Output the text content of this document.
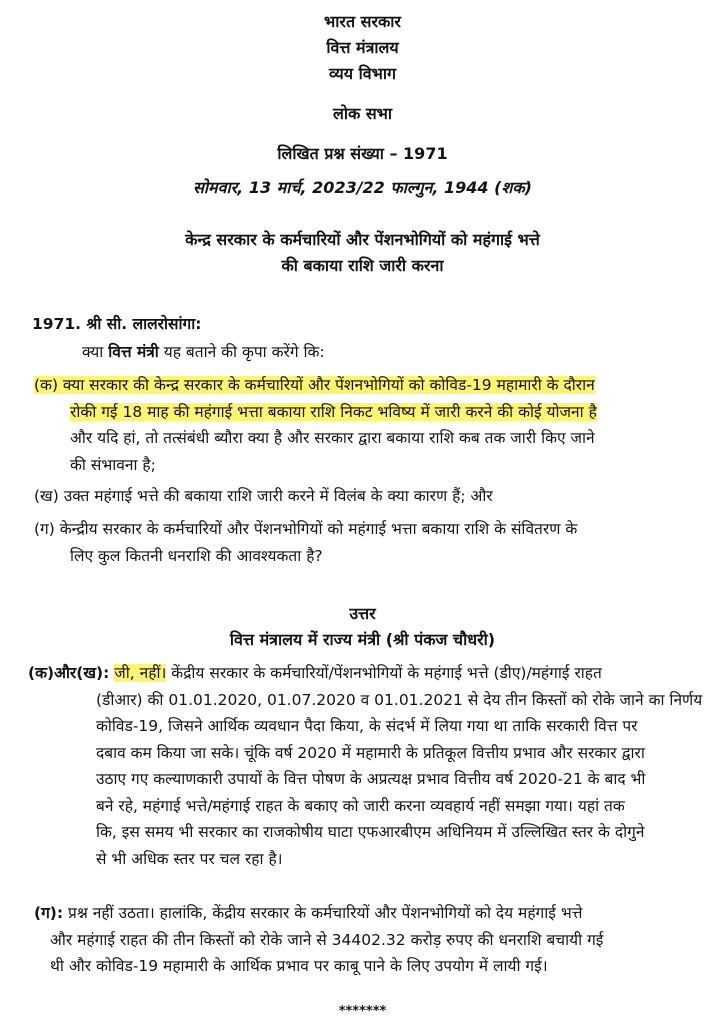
भारत सरकार
वित्त मंत्रालय
व्यय विभाग
लोक सभा
लिखित प्रश्न संख्या – 1971
सोमवार, 13 मार्च, 2023/22 फाल्गुन, 1944 (शक)
केन्द्र सरकार के कर्मचारियों और पेंशनभोगियों को महंगाई भत्ते
की बकाया राशि जारी करना
1971. श्री सी. लालरोसांगा:
क्या वित्त मंत्री यह बताने की कृपा करेंगे कि:
(क) क्या सरकार की केन्द्र सरकार के कर्मचारियों और पेंशनभोगियों को कोविड-19 महामारी के दौरान
रोकी गई 18 माह की महंगाई भत्ता बकाया राशि निकट भविष्य में जारी करने की कोई योजना है
और यदि हां, तो तत्संबंधी ब्यौरा क्या है और सरकार द्वारा बकाया राशि कब तक जारी किए जाने
की संभावना है;
(ख) उक्त महंगाई भत्ते की बकाया राशि जारी करने में विलंब के क्या कारण हैं; और
(ग) केन्द्रीय सरकार के कर्मचारियों और पेंशनभोगियों को महंगाई भत्ता बकाया राशि के संवितरण के
लिए कुल कितनी धनराशि की आवश्यकता है?
उत्तर
वित्त मंत्रालय में राज्य मंत्री (श्री पंकज चौधरी)
(क)और(ख): जी, नहीं। केंद्रीय सरकार के कर्मचारियों/पेंशनभोगियों के महंगाई भत्ते (डीए)/महंगाई राहत
(डीआर) की 01.01.2020, 01.07.2020 व 01.01.2021 से देय तीन किस्तों को रोके जाने का निर्णय
कोविड-19, जिसने आर्थिक व्यवधान पैदा किया, के संदर्भ में लिया गया था ताकि सरकारी वित्त पर
दबाव कम किया जा सके। चूंकि वर्ष 2020 में महामारी के प्रतिकूल वित्तीय प्रभाव और सरकार द्वारा
उठाए गए कल्याणकारी उपायों के वित्त पोषण के अप्रत्यक्ष प्रभाव वित्तीय वर्ष 2020-21 के बाद भी
बने रहे, महंगाई भत्ते/महंगाई राहत के बकाए को जारी करना व्यवहार्य नहीं समझा गया। यहां तक
कि, इस समय भी सरकार का राजकोषीय घाटा एफआरबीएम अधिनियम में उल्लिखित स्तर के दोगुने
से भी अधिक स्तर पर चल रहा है।
(ग): प्रश्न नहीं उठता। हालांकि, केंद्रीय सरकार के कर्मचारियों और पेंशनभोगियों को देय महंगाई भत्ते
और महंगाई राहत की तीन किस्तों को रोके जाने से 34402.32 करोड़ रुपए की धनराशि बचायी गई
थी और कोविड-19 महामारी के आर्थिक प्रभाव पर काबू पाने के लिए उपयोग में लायी गई।
*******
